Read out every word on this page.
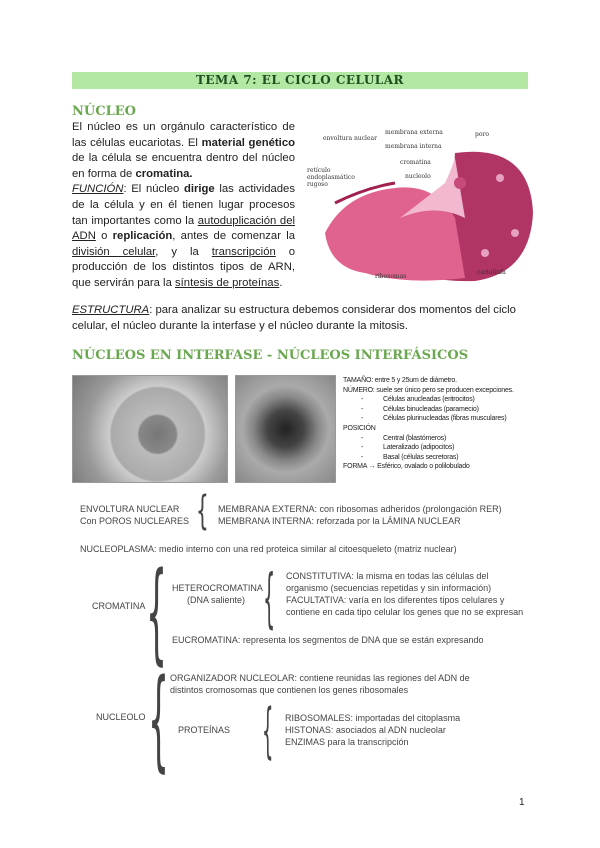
TEMA 7: EL CICLO CELULAR
NÚCLEO
El núcleo es un orgánulo característico de las células eucariotas. El material genético de la célula se encuentra dentro del núcleo en forma de cromatina.
FUNCIÓN: El núcleo dirige las actividades de la célula y en él tienen lugar procesos tan importantes como la autoduplicación del ADN o replicación, antes de comenzar la división celular, y la transcripción o producción de los distintos tipos de ARN, que servirán para la síntesis de proteínas.
envoltura nuclear
membrana externa
membrana interna
poro
cromatina
nucleolo
retículo endoplasmático rugoso
ribosomas
cariolinfa
ESTRUCTURA: para analizar su estructura debemos considerar dos momentos del ciclo celular, el núcleo durante la interfase y el núcleo durante la mitosis.
NÚCLEOS EN INTERFASE - NÚCLEOS INTERFÁSICOS
TAMAÑO: entre 5 y 25um de diámetro.
NÚMERO: suele ser único pero se producen excepciones.
- Células anucleadas (eritrocitos)
- Células binucleadas (paramecio)
- Células plurinucleadas (fibras musculares)
POSICIÓN
- Central (blastómeros)
- Lateralizado (adipocitos)
- Basal (células secretoras)
FORMA → Esférico, ovalado o polilobulado
ENVOLTURA NUCLEAR
Con POROS NUCLEARES { MEMBRANA EXTERNA: con ribosomas adheridos (prolongación RER)
MEMBRANA INTERNA: reforzada por la LÁMINA NUCLEAR
NUCLEOPLASMA: medio interno con una red proteica similar al citoesqueleto (matriz nuclear)
CROMATINA { HETEROCROMATINA
(DNA saliente) { CONSTITUTIVA: la misma en todas las células del
organismo (secuencias repetidas y sin información)
FACULTATIVA: varía en los diferentes tipos celulares y
contiene en cada tipo celular los genes que no se expresan
EUCROMATINA: representa los segmentos de DNA que se están expresando
NUCLEOLO { ORGANIZADOR NUCLEOLAR: contiene reunidas las regiones del ADN de
distintos cromosomas que contienen los genes ribosomales
PROTEÍNAS { RIBOSOMALES: importadas del citoplasma
HISTONAS: asociados al ADN nucleolar
ENZIMAS para la transcripción
1
